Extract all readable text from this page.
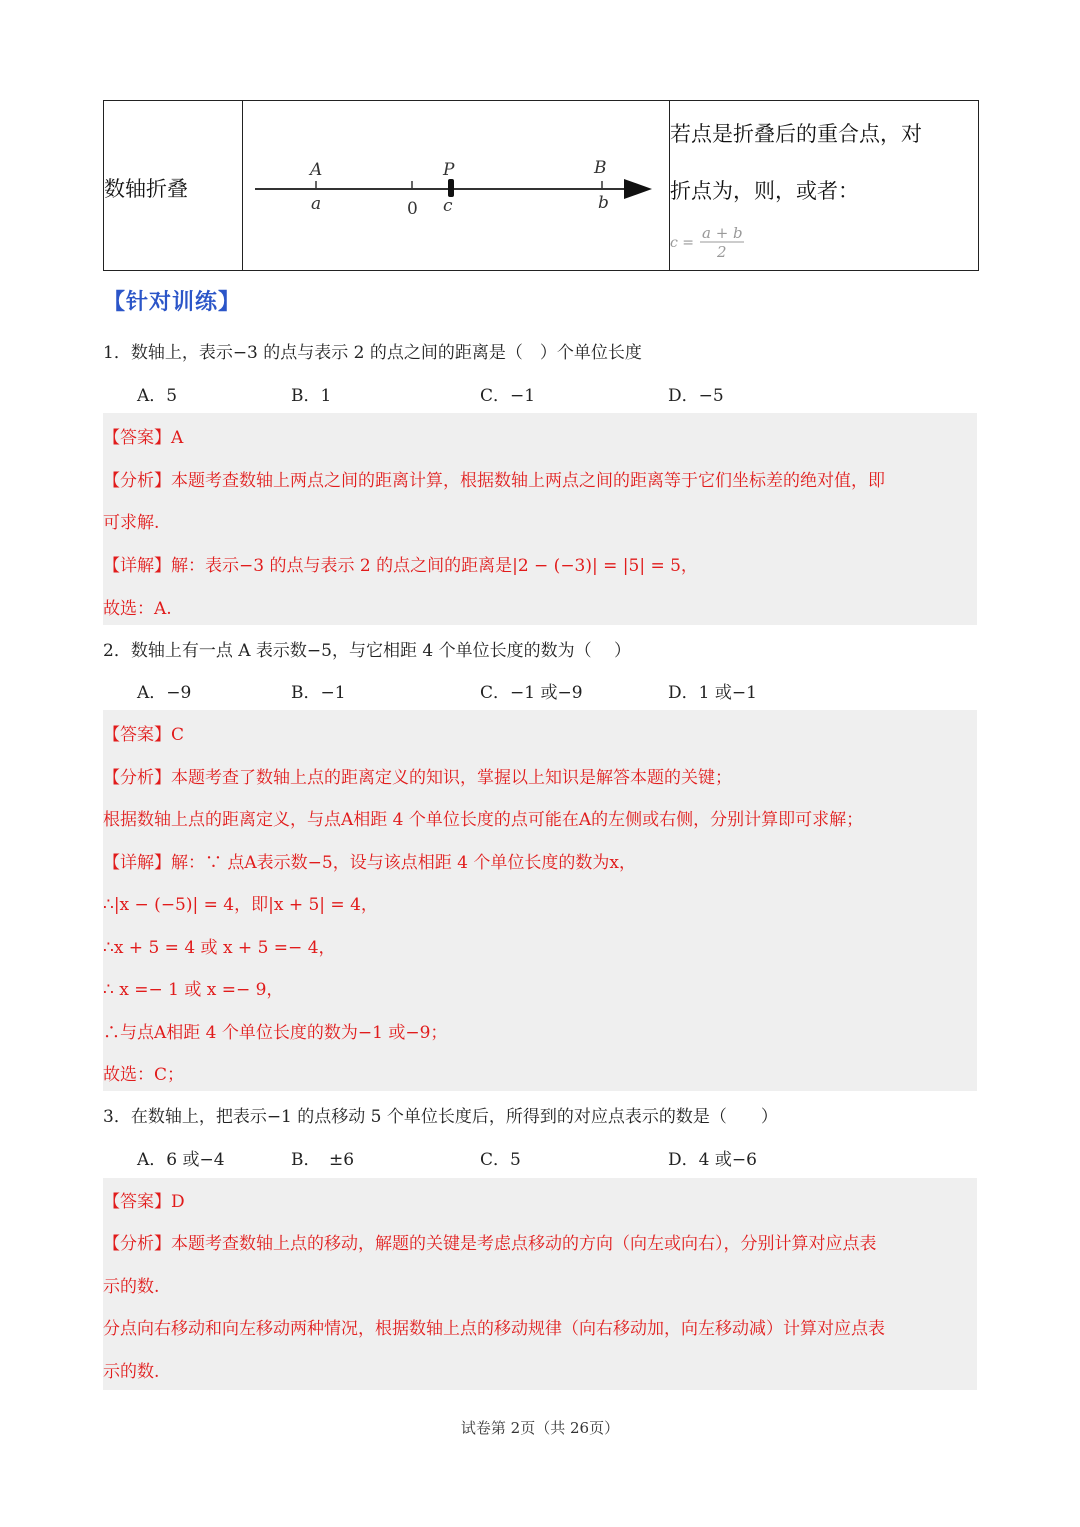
数轴折叠
A	P	B
a	0 c	b
若点是折叠后的重合点，对
折点为，则，或者：
c =
a + b
2
【针对训练】
1．数轴上，表示−3 的点与表示 2 的点之间的距离是（　）个单位长度
A．5	B．1	C．−1	D．−5
【答案】A
【分析】本题考查数轴上两点之间的距离计算，根据数轴上两点之间的距离等于它们坐标差的绝对值，即
可求解.
【详解】解：表示−3 的点与表示 2 的点之间的距离是|2 − (−3)| = |5| = 5，
故选：A.
2．数轴上有一点 A 表示数−5，与它相距 4 个单位长度的数为（　 ）
A．−9	B．−1	C．−1 或−9	D．1 或−1
【答案】C
【分析】本题考查了数轴上点的距离定义的知识，掌握以上知识是解答本题的关键；
根据数轴上点的距离定义，与点A相距 4 个单位长度的点可能在A的左侧或右侧，分别计算即可求解；
【详解】解：∵ 点A表示数−5，设与该点相距 4 个单位长度的数为x，
∴|x − (−5)| = 4，即|x + 5| = 4，
∴x + 5 = 4 或 x + 5 =− 4，
∴ x =− 1 或 x =− 9，
∴与点A相距 4 个单位长度的数为−1 或−9；
故选：C；
3．在数轴上，把表示−1 的点移动 5 个单位长度后，所得到的对应点表示的数是（　　）
A．6 或−4	B．　±6	C．5	D．4 或−6
【答案】D
【分析】本题考查数轴上点的移动，解题的关键是考虑点移动的方向（向左或向右），分别计算对应点表
示的数.
分点向右移动和向左移动两种情况，根据数轴上点的移动规律（向右移动加，向左移动减）计算对应点表
示的数.
试卷第 2页（共 26页）
